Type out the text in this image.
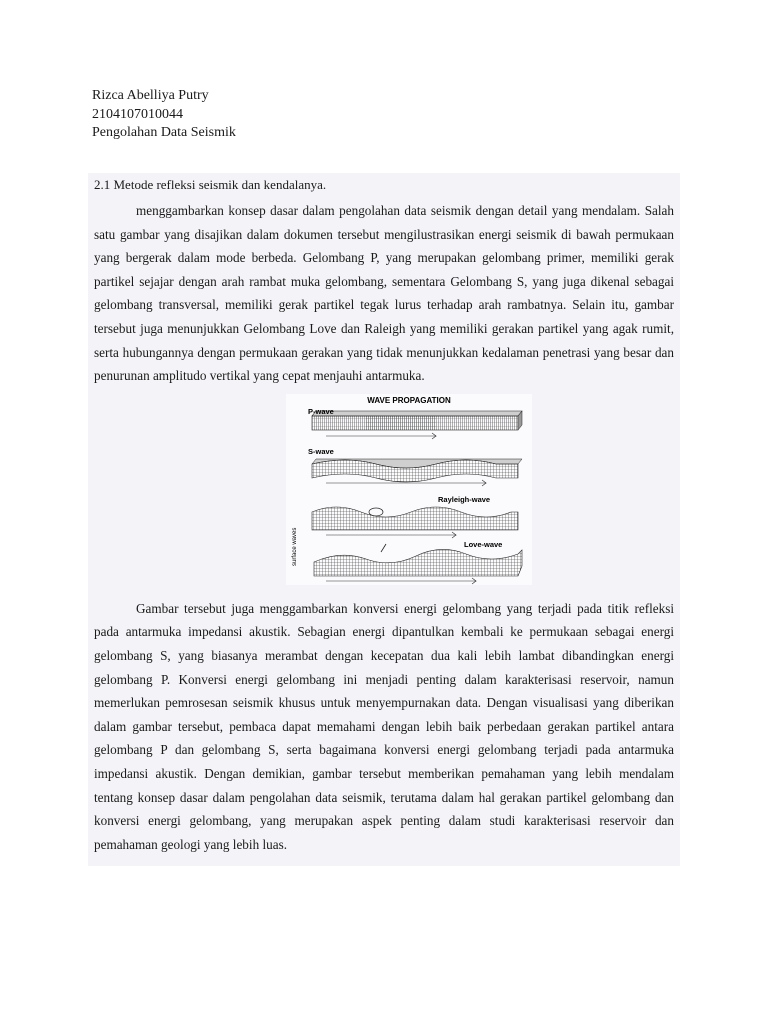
Rizca Abelliya Putry
2104107010044
Pengolahan Data Seismik
2.1 Metode refleksi seismik dan kendalanya.

menggambarkan konsep dasar dalam pengolahan data seismik dengan detail yang mendalam. Salah satu gambar yang disajikan dalam dokumen tersebut mengilustrasikan energi seismik di bawah permukaan yang bergerak dalam mode berbeda. Gelombang P, yang merupakan gelombang primer, memiliki gerak partikel sejajar dengan arah rambat muka gelombang, sementara Gelombang S, yang juga dikenal sebagai gelombang transversal, memiliki gerak partikel tegak lurus terhadap arah rambatnya. Selain itu, gambar tersebut juga menunjukkan Gelombang Love dan Raleigh yang memiliki gerakan partikel yang agak rumit, serta hubungannya dengan permukaan gerakan yang tidak menunjukkan kedalaman penetrasi yang besar dan penurunan amplitudo vertikal yang cepat menjauhi antarmuka.

WAVE PROPAGATION
P-wave
S-wave
Rayleigh-wave
Love-wave
surface waves

Gambar tersebut juga menggambarkan konversi energi gelombang yang terjadi pada titik refleksi pada antarmuka impedansi akustik. Sebagian energi dipantulkan kembali ke permukaan sebagai energi gelombang S, yang biasanya merambat dengan kecepatan dua kali lebih lambat dibandingkan energi gelombang P. Konversi energi gelombang ini menjadi penting dalam karakterisasi reservoir, namun memerlukan pemrosesan seismik khusus untuk menyempurnakan data. Dengan visualisasi yang diberikan dalam gambar tersebut, pembaca dapat memahami dengan lebih baik perbedaan gerakan partikel antara gelombang P dan gelombang S, serta bagaimana konversi energi gelombang terjadi pada antarmuka impedansi akustik. Dengan demikian, gambar tersebut memberikan pemahaman yang lebih mendalam tentang konsep dasar dalam pengolahan data seismik, terutama dalam hal gerakan partikel gelombang dan konversi energi gelombang, yang merupakan aspek penting dalam studi karakterisasi reservoir dan pemahaman geologi yang lebih luas.
